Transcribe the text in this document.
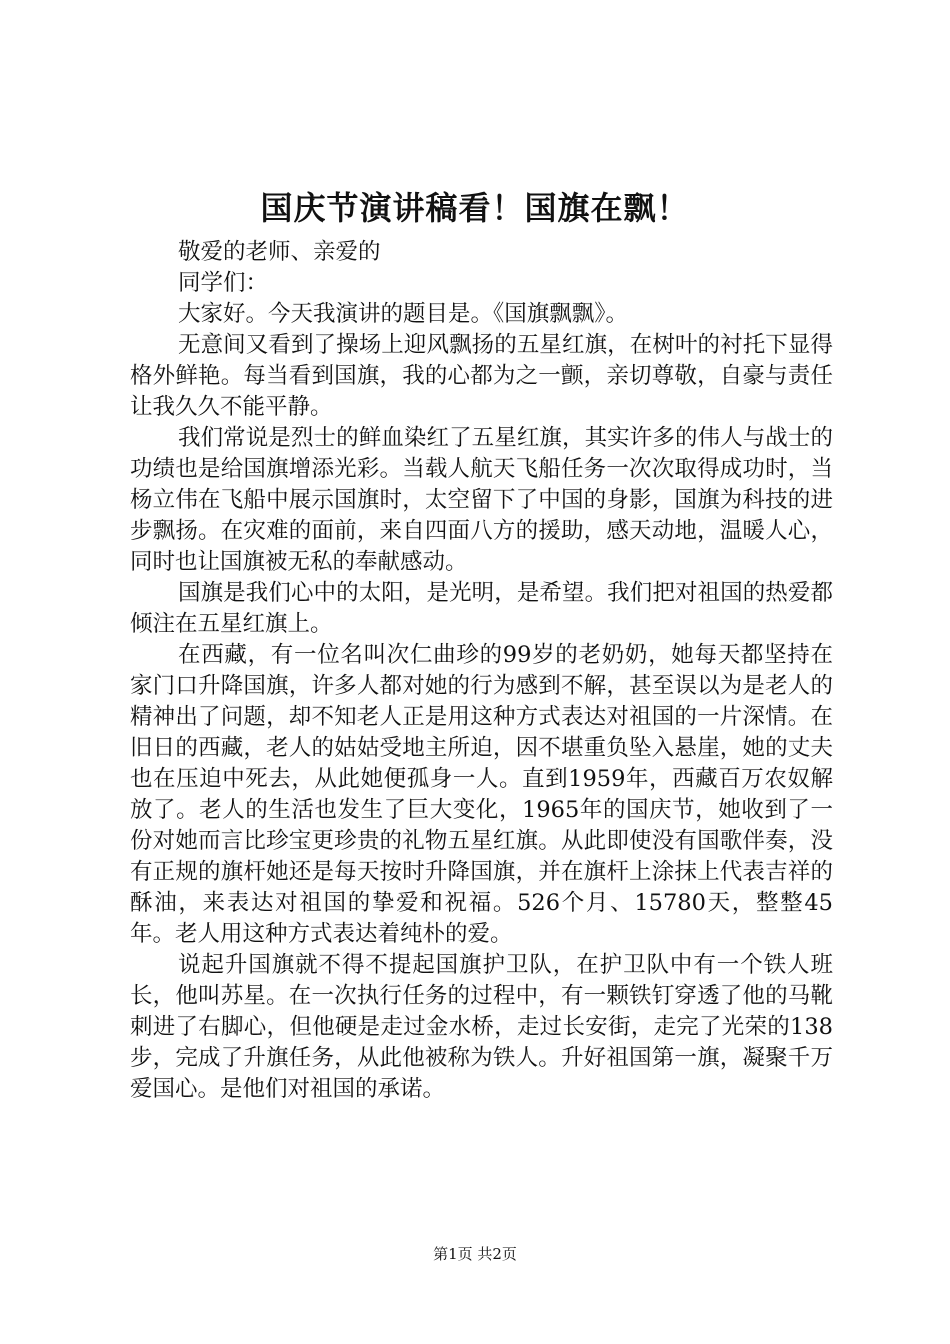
国庆节演讲稿看！国旗在飘！

敬爱的老师、亲爱的

同学们：

大家好。今天我演讲的题目是。《国旗飘飘》。

无意间又看到了操场上迎风飘扬的五星红旗，在树叶的衬托下显得格外鲜艳。每当看到国旗，我的心都为之一颤，亲切尊敬，自豪与责任让我久久不能平静。

我们常说是烈士的鲜血染红了五星红旗，其实许多的伟人与战士的功绩也是给国旗增添光彩。当载人航天飞船任务一次次取得成功时，当杨立伟在飞船中展示国旗时，太空留下了中国的身影，国旗为科技的进步飘扬。在灾难的面前，来自四面八方的援助，感天动地，温暖人心，同时也让国旗被无私的奉献感动。

国旗是我们心中的太阳，是光明，是希望。我们把对祖国的热爱都倾注在五星红旗上。

在西藏，有一位名叫次仁曲珍的99岁的老奶奶，她每天都坚持在家门口升降国旗，许多人都对她的行为感到不解，甚至误以为是老人的精神出了问题，却不知老人正是用这种方式表达对祖国的一片深情。在旧日的西藏，老人的姑姑受地主所迫，因不堪重负坠入悬崖，她的丈夫也在压迫中死去，从此她便孤身一人。直到1959年，西藏百万农奴解放了。老人的生活也发生了巨大变化，1965年的国庆节，她收到了一份对她而言比珍宝更珍贵的礼物五星红旗。从此即使没有国歌伴奏，没有正规的旗杆她还是每天按时升降国旗，并在旗杆上涂抹上代表吉祥的酥油，来表达对祖国的挚爱和祝福。526个月、15780天，整整45年。老人用这种方式表达着纯朴的爱。

说起升国旗就不得不提起国旗护卫队，在护卫队中有一个铁人班长，他叫苏星。在一次执行任务的过程中，有一颗铁钉穿透了他的马靴刺进了右脚心，但他硬是走过金水桥，走过长安街，走完了光荣的138步，完成了升旗任务，从此他被称为铁人。升好祖国第一旗，凝聚千万爱国心。是他们对祖国的承诺。

第1页 共2页
